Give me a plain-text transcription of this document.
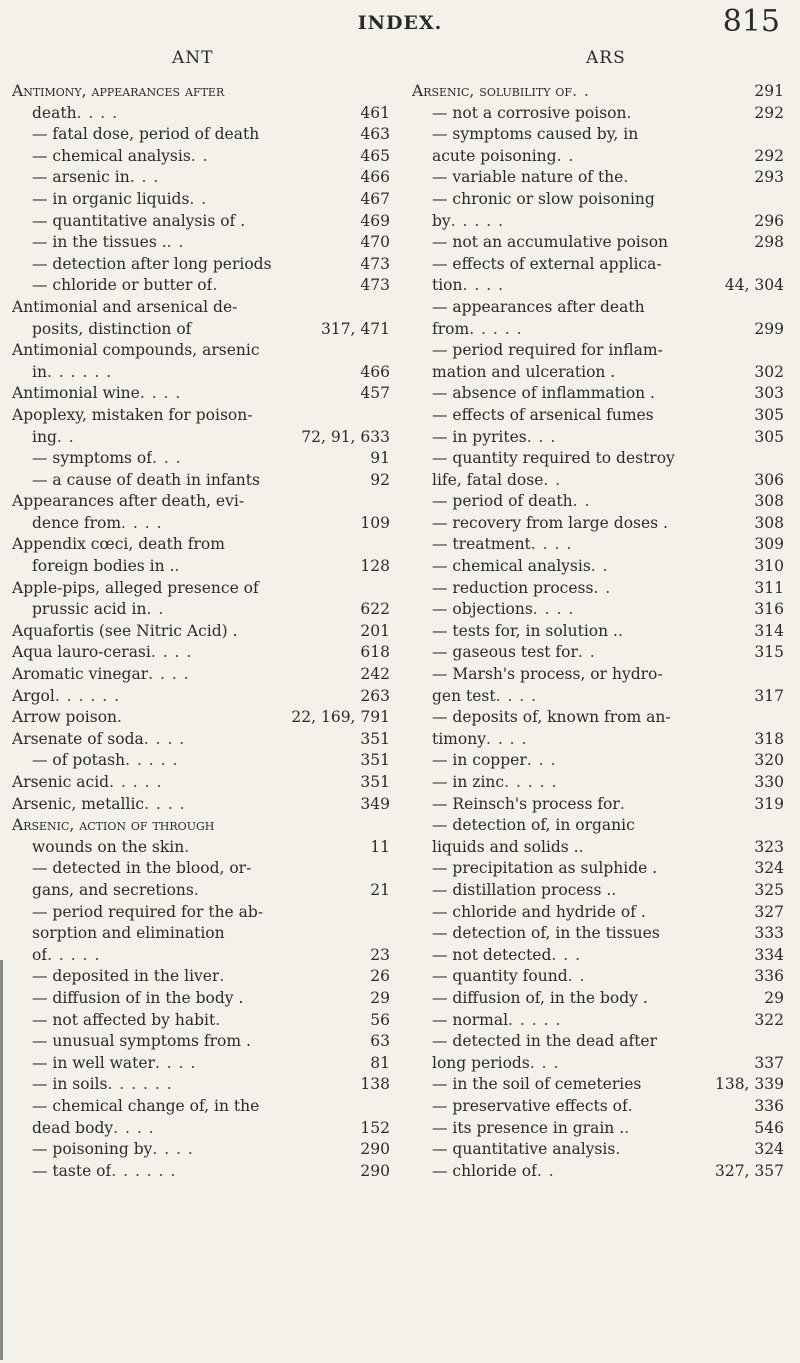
INDEX.	815
ANT	ARS
Antimony, appearances after
death . . . .	461
— fatal dose, period of death	463
— chemical analysis . .	465
— arsenic in . . .	466
— in organic liquids . .	467
— quantitative analysis of .	469
— in the tissues . . .	470
— detection after long periods	473
— chloride or butter of .	473
Antimonial and arsenical de-
posits, distinction of	317, 471
Antimonial compounds, arsenic
in . . . . . .	466
Antimonial wine . . . .	457
Apoplexy, mistaken for poison-
ing . .	72, 91, 633
— symptoms of . . .	91
— a cause of death in infants	92
Appearances after death, evi-
dence from . . . .	109
Appendix cœci, death from
foreign bodies in . .	128
Apple-pips, alleged presence of
prussic acid in . .	622
Aquafortis (see Nitric Acid) .	201
Aqua lauro-cerasi . . . .	618
Aromatic vinegar . . . .	242
Argol . . . . . .	263
Arrow poison .	22, 169, 791
Arsenate of soda . . . .	351
— of potash . . . . .	351
Arsenic acid . . . . .	351
Arsenic, metallic . . . .	349
Arsenic, action of through
wounds on the skin .	11
— detected in the blood, or-
gans, and secretions .	21
— period required for the ab-
sorption and elimination
of . . . . .	23
— deposited in the liver .	26
— diffusion of in the body .	29
— not affected by habit .	56
— unusual symptoms from .	63
— in well water . . . .	81
— in soils . . . . . .	138
— chemical change of, in the
dead body . . . .	152
— poisoning by . . . .	290
— taste of . . . . . .	290
Arsenic, solubility of . .	291
— not a corrosive poison .	292
— symptoms caused by, in
acute poisoning . .	292
— variable nature of the .	293
— chronic or slow poisoning
by . . . . .	296
— not an accumulative poison	298
— effects of external applica-
tion . . . .	44, 304
— appearances after death
from . . . . .	299
— period required for inflam-
mation and ulceration .	302
— absence of inflammation .	303
— effects of arsenical fumes	305
— in pyrites . . .	305
— quantity required to destroy
life, fatal dose . .	306
— period of death . .	308
— recovery from large doses .	308
— treatment . . . .	309
— chemical analysis . .	310
— reduction process . .	311
— objections . . . .	316
— tests for, in solution . .	314
— gaseous test for . .	315
— Marsh's process, or hydro-
gen test . . . .	317
— deposits of, known from an-
timony . . . .	318
— in copper . . .	320
— in zinc . . . . .	330
— Reinsch's process for .	319
— detection of, in organic
liquids and solids . .	323
— precipitation as sulphide .	324
— distillation process . .	325
— chloride and hydride of .	327
— detection of, in the tissues	333
— not detected . . .	334
— quantity found . .	336
— diffusion of, in the body .	29
— normal . . . . .	322
— detected in the dead after
long periods . . .	337
— in the soil of cemeteries	138, 339
— preservative effects of .	336
— its presence in grain . .	546
— quantitative analysis .	324
— chloride of . .	327, 357
